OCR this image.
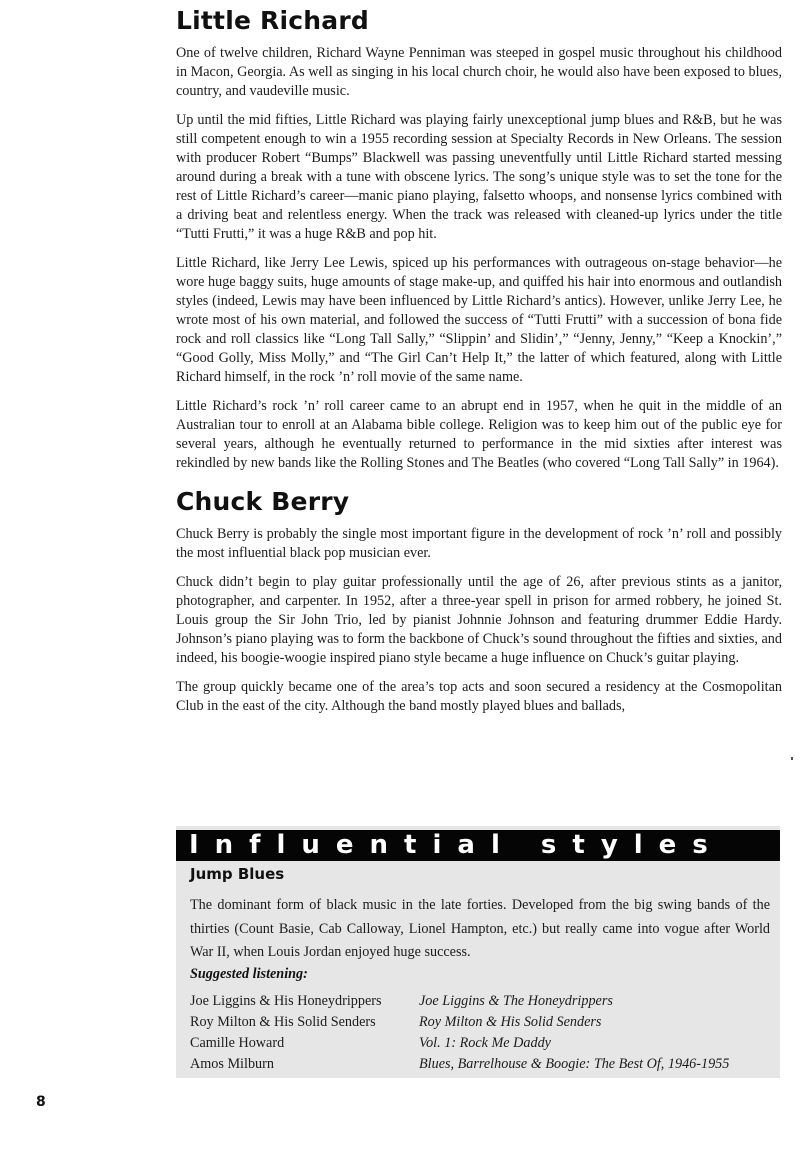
Little Richard

One of twelve children, Richard Wayne Penniman was steeped in gospel music throughout his childhood in Macon, Georgia. As well as singing in his local church choir, he would also have been exposed to blues, country, and vaudeville music.

Up until the mid fifties, Little Richard was playing fairly unexceptional jump blues and R&B, but he was still competent enough to win a 1955 recording session at Specialty Records in New Orleans. The session with producer Robert “Bumps” Blackwell was passing uneventfully until Little Richard started messing around during a break with a tune with obscene lyrics. The song’s unique style was to set the tone for the rest of Little Richard’s career—manic piano playing, falsetto whoops, and nonsense lyrics combined with a driving beat and relentless energy. When the track was released with cleaned-up lyrics under the title “Tutti Frutti,” it was a huge R&B and pop hit.

Little Richard, like Jerry Lee Lewis, spiced up his performances with outrageous on-stage behavior—he wore huge baggy suits, huge amounts of stage make-up, and quiffed his hair into enormous and outlandish styles (indeed, Lewis may have been influenced by Little Richard’s antics). However, unlike Jerry Lee, he wrote most of his own material, and followed the success of “Tutti Frutti” with a succession of bona fide rock and roll classics like “Long Tall Sally,” “Slippin’ and Slidin’,” “Jenny, Jenny,” “Keep a Knockin’,” “Good Golly, Miss Molly,” and “The Girl Can’t Help It,” the latter of which featured, along with Little Richard himself, in the rock ’n’ roll movie of the same name.

Little Richard’s rock ’n’ roll career came to an abrupt end in 1957, when he quit in the middle of an Australian tour to enroll at an Alabama bible college. Religion was to keep him out of the public eye for several years, although he eventually returned to performance in the mid sixties after interest was rekindled by new bands like the Rolling Stones and The Beatles (who covered “Long Tall Sally” in 1964).

Chuck Berry

Chuck Berry is probably the single most important figure in the development of rock ’n’ roll and possibly the most influential black pop musician ever.

Chuck didn’t begin to play guitar professionally until the age of 26, after previous stints as a janitor, photographer, and carpenter. In 1952, after a three-year spell in prison for armed robbery, he joined St. Louis group the Sir John Trio, led by pianist Johnnie Johnson and featuring drummer Eddie Hardy. Johnson’s piano playing was to form the backbone of Chuck’s sound throughout the fifties and sixties, and indeed, his boogie-woogie inspired piano style became a huge influence on Chuck’s guitar playing.

The group quickly became one of the area’s top acts and soon secured a residency at the Cosmopolitan Club in the east of the city. Although the band mostly played blues and ballads,

Influential styles
Jump Blues

The dominant form of black music in the late forties. Developed from the big swing bands of the thirties (Count Basie, Cab Calloway, Lionel Hampton, etc.) but really came into vogue after World War II, when Louis Jordan enjoyed huge success.

Suggested listening:
Joe Liggins & His Honeydrippers	Joe Liggins & The Honeydrippers
Roy Milton & His Solid Senders	Roy Milton & His Solid Senders
Camille Howard	Vol. 1: Rock Me Daddy
Amos Milburn	Blues, Barrelhouse & Boogie: The Best Of, 1946-1955
8
